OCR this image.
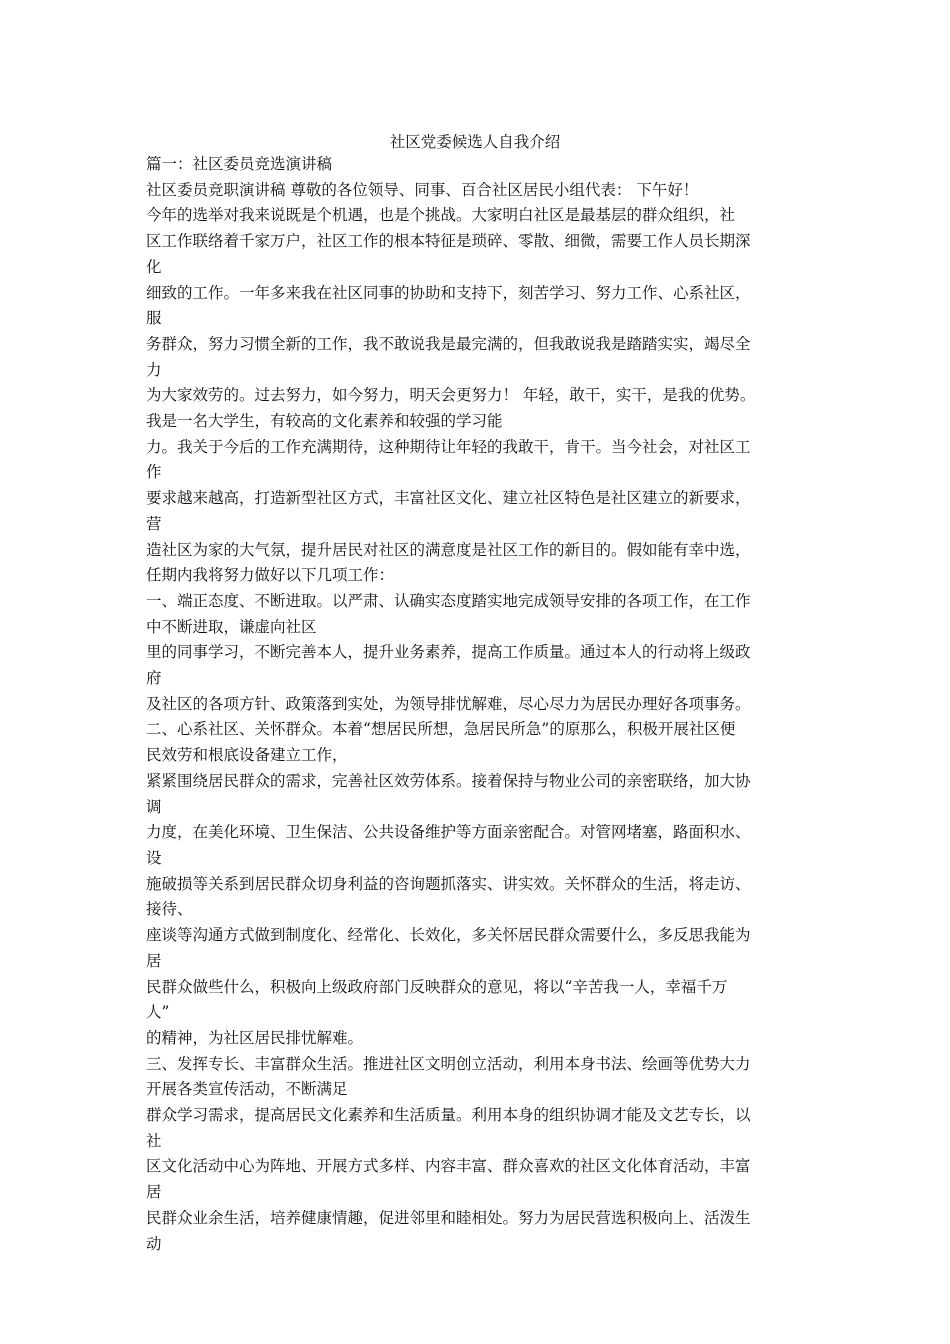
社区党委候选人自我介绍
篇一：社区委员竞选演讲稿
社区委员竞职演讲稿 尊敬的各位领导、同事、百合社区居民小组代表： 下午好！
今年的选举对我来说既是个机遇，也是个挑战。大家明白社区是最基层的群众组织，社
区工作联络着千家万户，社区工作的根本特征是琐碎、零散、细微，需要工作人员长期深
化
细致的工作。一年多来我在社区同事的协助和支持下，刻苦学习、努力工作、心系社区，
服
务群众，努力习惯全新的工作，我不敢说我是最完满的，但我敢说我是踏踏实实，竭尽全
力
为大家效劳的。过去努力，如今努力，明天会更努力！ 年轻，敢干，实干，是我的优势。
我是一名大学生，有较高的文化素养和较强的学习能
力。我关于今后的工作充满期待，这种期待让年轻的我敢干，肯干。当今社会，对社区工
作
要求越来越高，打造新型社区方式，丰富社区文化、建立社区特色是社区建立的新要求，
营
造社区为家的大气氛，提升居民对社区的满意度是社区工作的新目的。假如能有幸中选，
任期内我将努力做好以下几项工作：
一、端正态度、不断进取。以严肃、认确实态度踏实地完成领导安排的各项工作，在工作
中不断进取，谦虚向社区
里的同事学习，不断完善本人，提升业务素养，提高工作质量。通过本人的行动将上级政
府
及社区的各项方针、政策落到实处，为领导排忧解难，尽心尽力为居民办理好各项事务。
二、心系社区、关怀群众。本着“想居民所想，急居民所急”的原那么，积极开展社区便
民效劳和根底设备建立工作，
紧紧围绕居民群众的需求，完善社区效劳体系。接着保持与物业公司的亲密联络，加大协
调
力度，在美化环境、卫生保洁、公共设备维护等方面亲密配合。对管网堵塞，路面积水、
设
施破损等关系到居民群众切身利益的咨询题抓落实、讲实效。关怀群众的生活，将走访、
接待、
座谈等沟通方式做到制度化、经常化、长效化，多关怀居民群众需要什么，多反思我能为
居
民群众做些什么，积极向上级政府部门反映群众的意见，将以“辛苦我一人，幸福千万
人”
的精神，为社区居民排忧解难。
三、发挥专长、丰富群众生活。推进社区文明创立活动，利用本身书法、绘画等优势大力
开展各类宣传活动，不断满足
群众学习需求，提高居民文化素养和生活质量。利用本身的组织协调才能及文艺专长，以
社
区文化活动中心为阵地、开展方式多样、内容丰富、群众喜欢的社区文化体育活动，丰富
居
民群众业余生活，培养健康情趣，促进邻里和睦相处。努力为居民营选积极向上、活泼生
动
